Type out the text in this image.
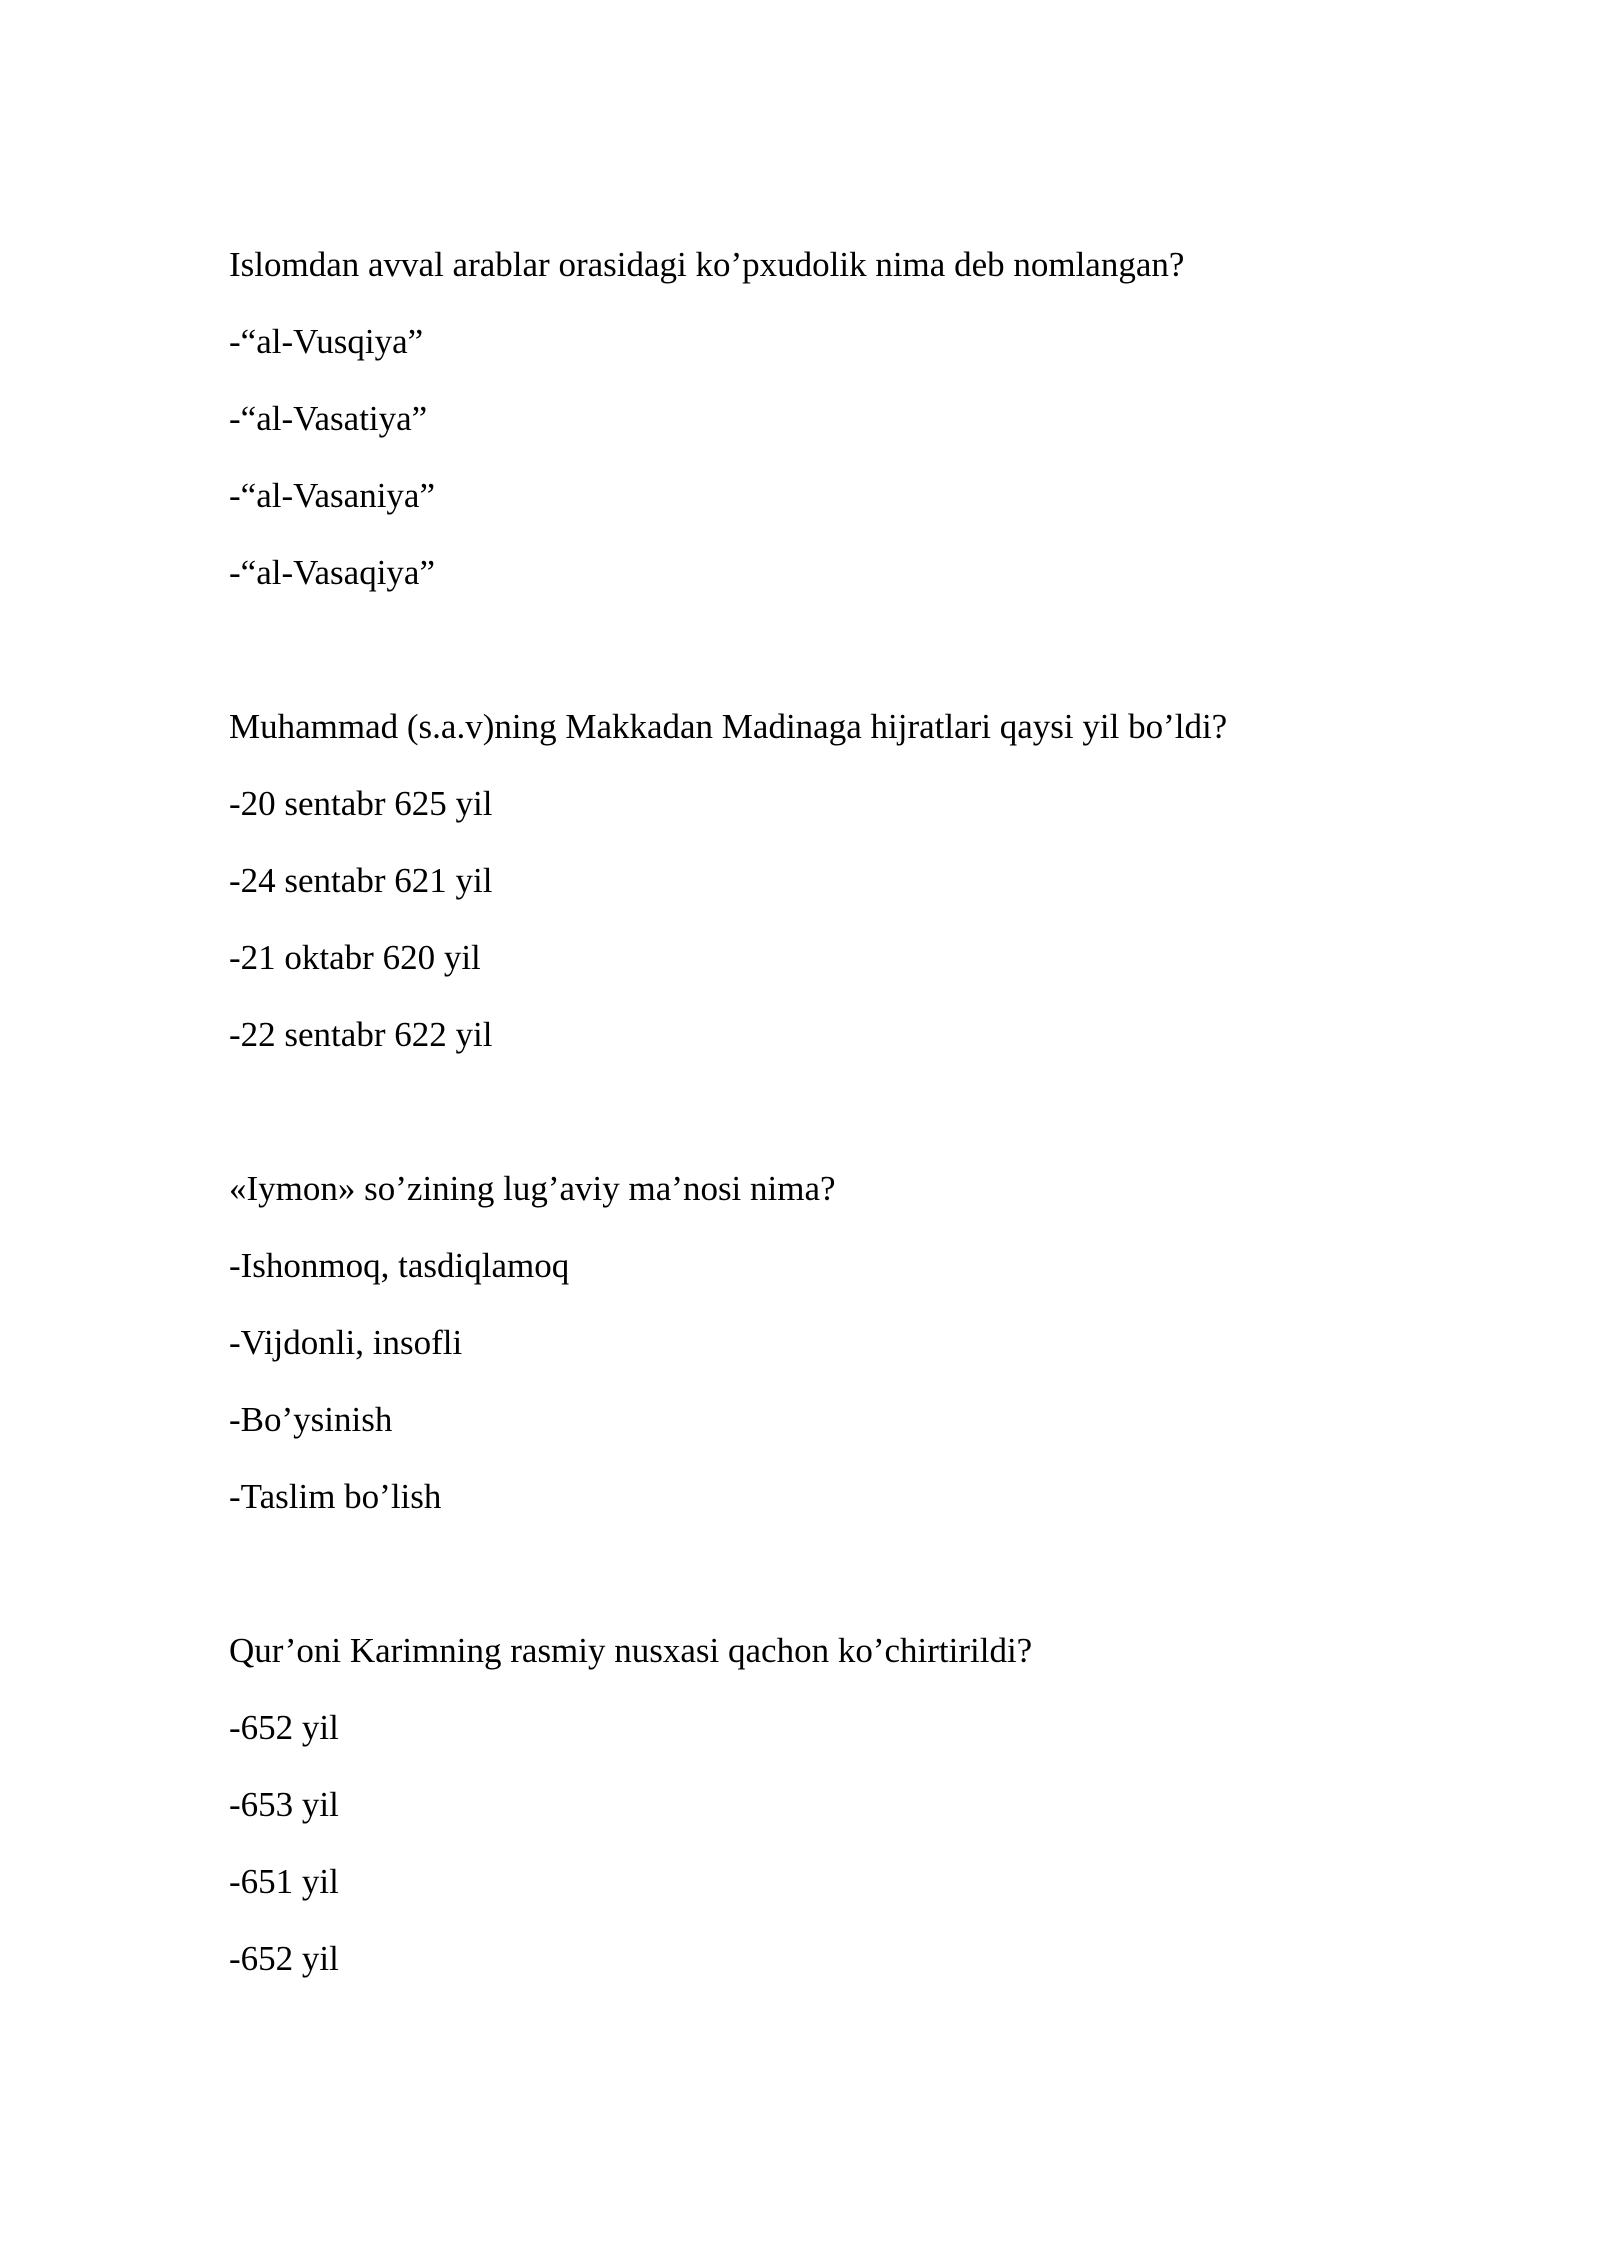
Islomdan avval arablar orasidagi ko’pxudolik nima deb nomlangan?
-“al-Vusqiya”
-“al-Vasatiya”
-“al-Vasaniya”
-“al-Vasaqiya”
Muhammad (s.a.v)ning Makkadan Madinaga hijratlari qaysi yil bo’ldi?
-20 sentabr 625 yil
-24 sentabr 621 yil
-21 oktabr 620 yil
-22 sentabr 622 yil
«Iymon» so’zining lug’aviy ma’nosi nima?
-Ishonmoq, tasdiqlamoq
-Vijdonli, insofli
-Bo’ysinish
-Taslim bo’lish
Qur’oni Karimning rasmiy nusxasi qachon ko’chirtirildi?
-652 yil
-653 yil
-651 yil
-652 yil
